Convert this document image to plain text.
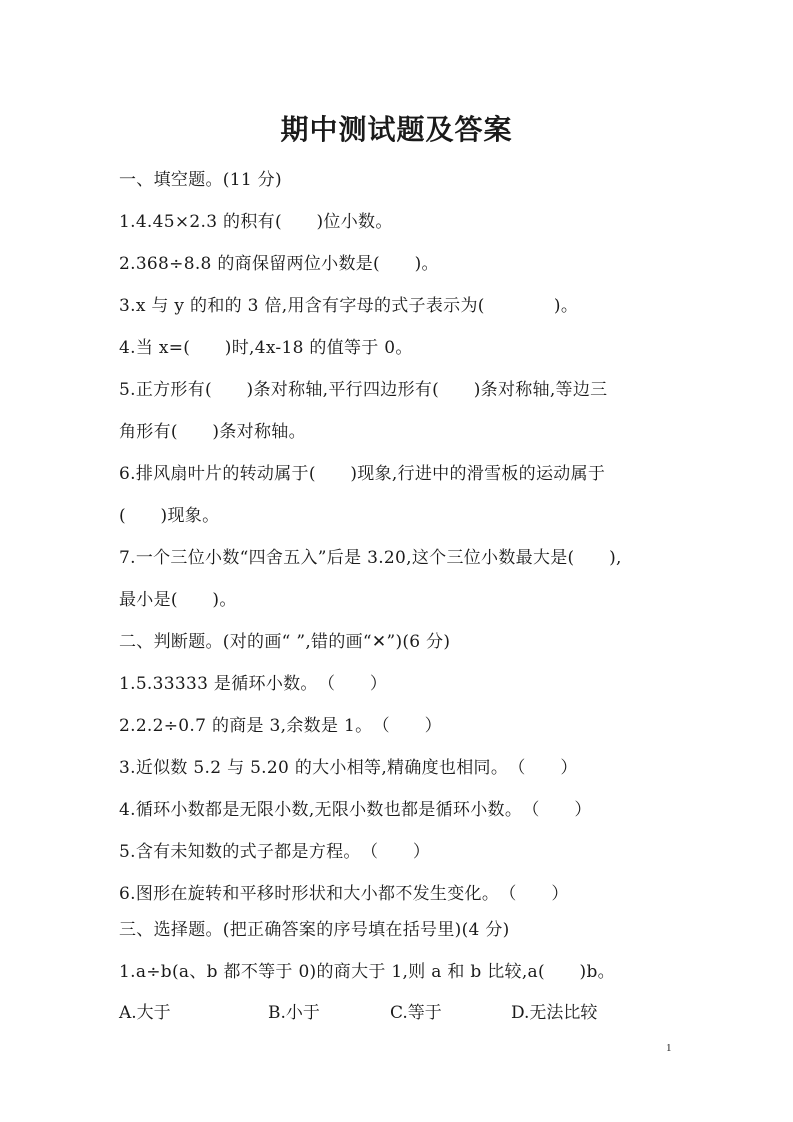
期中测试题及答案
一、填空题。(11 分)
1.4.45×2.3 的积有(　　)位小数。
2.368÷8.8 的商保留两位小数是(　　)。
3.x 与 y 的和的 3 倍,用含有字母的式子表示为(　　　　)。
4.当 x=(　　)时,4x-18 的值等于 0。
5.正方形有(　　)条对称轴,平行四边形有(　　)条对称轴,等边三
角形有(　　)条对称轴。
6.排风扇叶片的转动属于(　　)现象,行进中的滑雪板的运动属于
(　　)现象。
7.一个三位小数“四舍五入”后是 3.20,这个三位小数最大是(　　),
最小是(　　)。
二、判断题。(对的画“ ”,错的画“✕”)(6 分)
1.5.33333 是循环小数。　（　　）
2.2.2÷0.7 的商是 3,余数是 1。　（　　）
3.近似数 5.2 与 5.20 的大小相等,精确度也相同。　（　　）
4.循环小数都是无限小数,无限小数也都是循环小数。　（　　）
5.含有未知数的式子都是方程。　（　　）
6.图形在旋转和平移时形状和大小都不发生变化。　（　　）
三、选择题。(把正确答案的序号填在括号里)(4 分)
1.a÷b(a、b 都不等于 0)的商大于 1,则 a 和 b 比较,a(　　)b。
A.大于	B.小于	C.等于	D.无法比较
1
